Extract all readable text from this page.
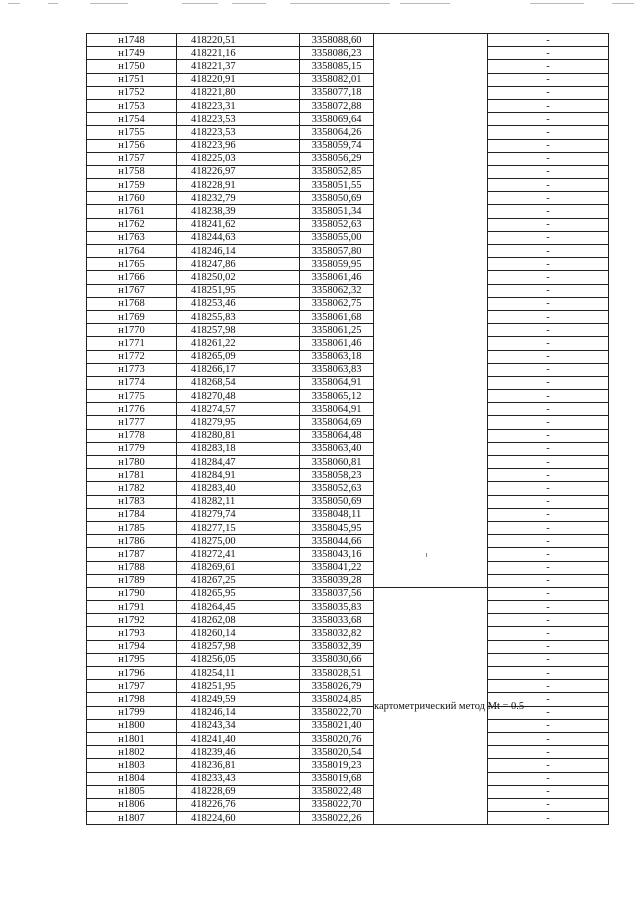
н1748	418220,51	3358088,60		-
н1749	418221,16	3358086,23		-
н1750	418221,37	3358085,15		-
н1751	418220,91	3358082,01		-
н1752	418221,80	3358077,18		-
н1753	418223,31	3358072,88		-
н1754	418223,53	3358069,64		-
н1755	418223,53	3358064,26		-
н1756	418223,96	3358059,74		-
н1757	418225,03	3358056,29		-
н1758	418226,97	3358052,85		-
н1759	418228,91	3358051,55		-
н1760	418232,79	3358050,69		-
н1761	418238,39	3358051,34		-
н1762	418241,62	3358052,63		-
н1763	418244,63	3358055,00		-
н1764	418246,14	3358057,80		-
н1765	418247,86	3358059,95		-
н1766	418250,02	3358061,46		-
н1767	418251,95	3358062,32		-
н1768	418253,46	3358062,75		-
н1769	418255,83	3358061,68		-
н1770	418257,98	3358061,25		-
н1771	418261,22	3358061,46		-
н1772	418265,09	3358063,18		-
н1773	418266,17	3358063,83		-
н1774	418268,54	3358064,91		-
н1775	418270,48	3358065,12		-
н1776	418274,57	3358064,91		-
н1777	418279,95	3358064,69		-
н1778	418280,81	3358064,48		-
н1779	418283,18	3358063,40		-
н1780	418284,47	3358060,81		-
н1781	418284,91	3358058,23		-
н1782	418283,40	3358052,63		-
н1783	418282,11	3358050,69		-
н1784	418279,74	3358048,11		-
н1785	418277,15	3358045,95		-
н1786	418275,00	3358044,66		-
н1787	418272,41	3358043,16		-
н1788	418269,61	3358041,22		-
н1789	418267,25	3358039,28		-
н1790	418265,95	3358037,56	картометрический метод Mt = 0.5	-
н1791	418264,45	3358035,83		-
н1792	418262,08	3358033,68		-
н1793	418260,14	3358032,82		-
н1794	418257,98	3358032,39		-
н1795	418256,05	3358030,66		-
н1796	418254,11	3358028,51		-
н1797	418251,95	3358026,79		-
н1798	418249,59	3358024,85		-
н1799	418246,14	3358022,70		-
н1800	418243,34	3358021,40		-
н1801	418241,40	3358020,76		-
н1802	418239,46	3358020,54		-
н1803	418236,81	3358019,23		-
н1804	418233,43	3358019,68		-
н1805	418228,69	3358022,48		-
н1806	418226,76	3358022,70		-
н1807	418224,60	3358022,26		-
